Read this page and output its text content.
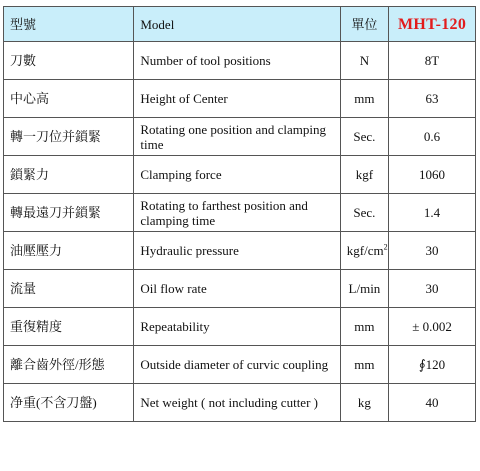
型號	Model	單位	MHT-120
刀數	Number of tool positions	N	8T
中心高	Height of Center	mm	63
轉一刀位并鎖緊	Rotating one position and clamping time	Sec.	0.6
鎖緊力	Clamping force	kgf	1060
轉最遠刀并鎖緊	Rotating to farthest position and clamping time	Sec.	1.4
油壓壓力	Hydraulic pressure	kgf/$cm^2$	30
流量	Oil flow rate	L/min	30
重復精度	Repeatability	mm	± 0.002
離合齒外徑/形態	Outside diameter of curvic coupling	mm	∮120
净重(不含刀盤)	Net weight ( not including cutter )	kg	40
